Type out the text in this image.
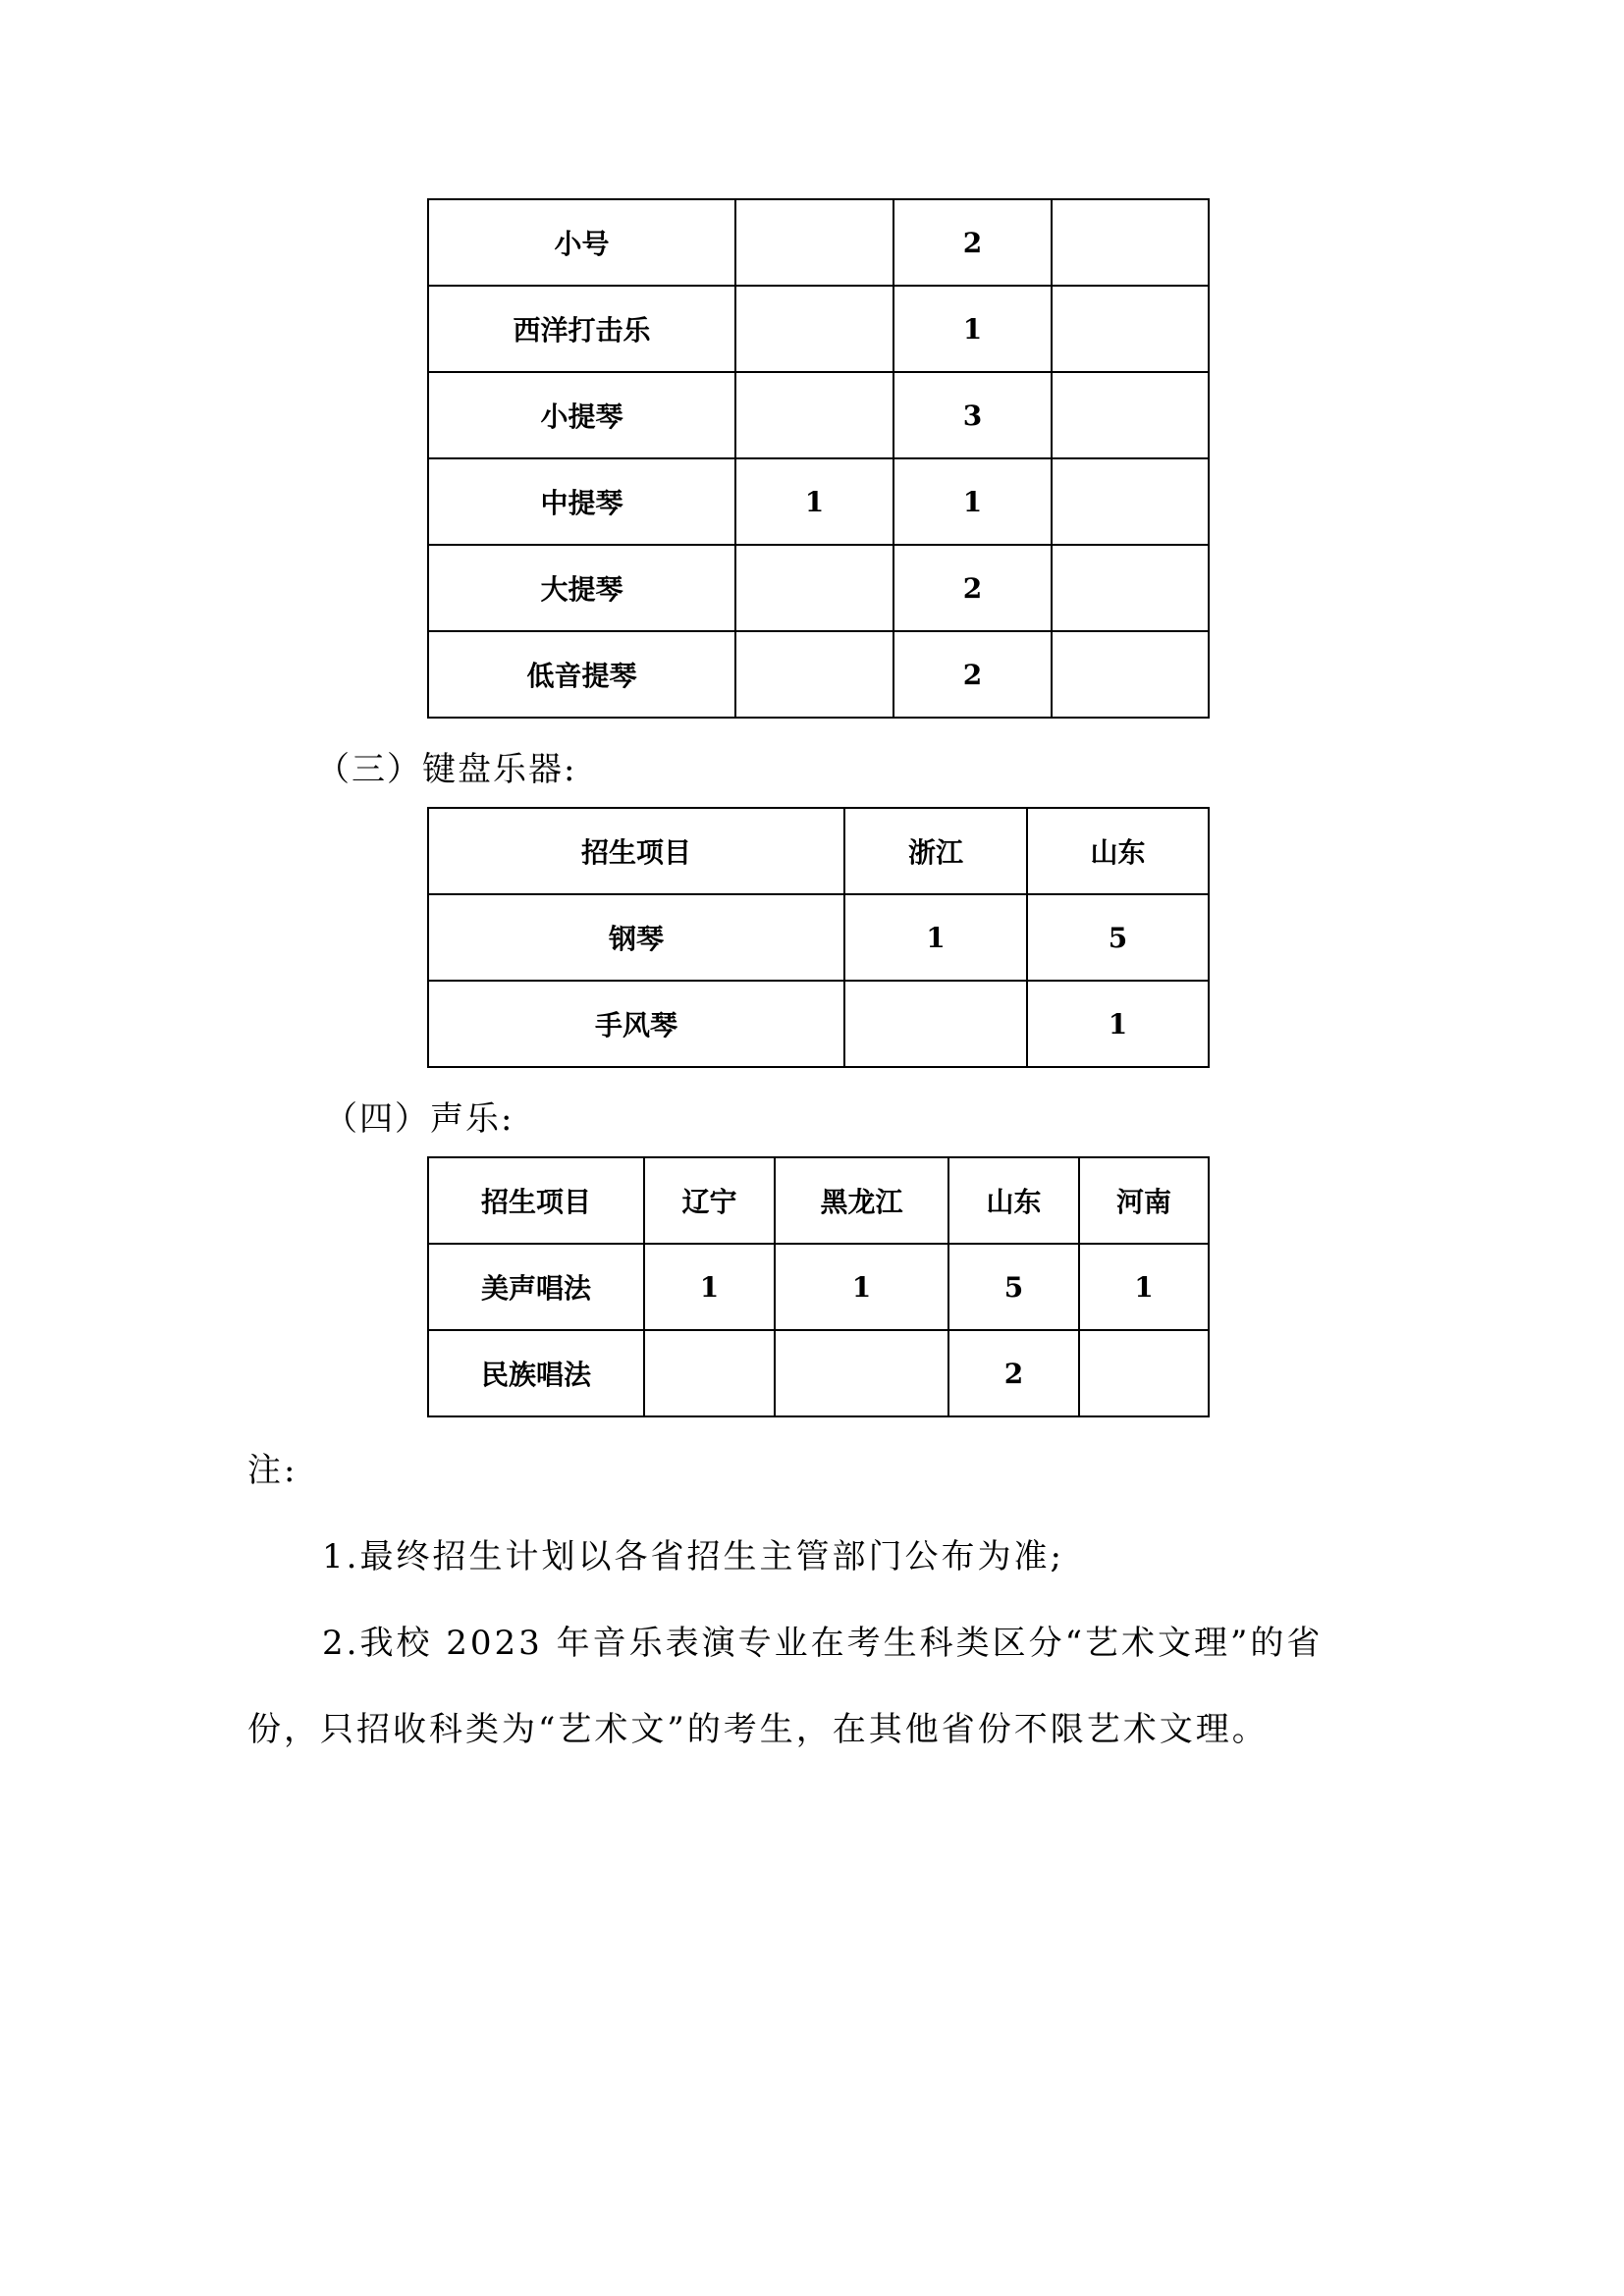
小号		2	
西洋打击乐		1	
小提琴		3	
中提琴	1	1	
大提琴		2	
低音提琴		2	
（三）键盘乐器:
招生项目	浙江	山东
钢琴	1	5
手风琴		1
（四）声乐:
招生项目	辽宁	黑龙江	山东	河南
美声唱法	1	1	5	1
民族唱法			2	
注:
1.最终招生计划以各省招生主管部门公布为准;
2.我校 2023 年音乐表演专业在考生科类区分“艺术文理”的省
份，只招收科类为“艺术文”的考生，在其他省份不限艺术文理。
